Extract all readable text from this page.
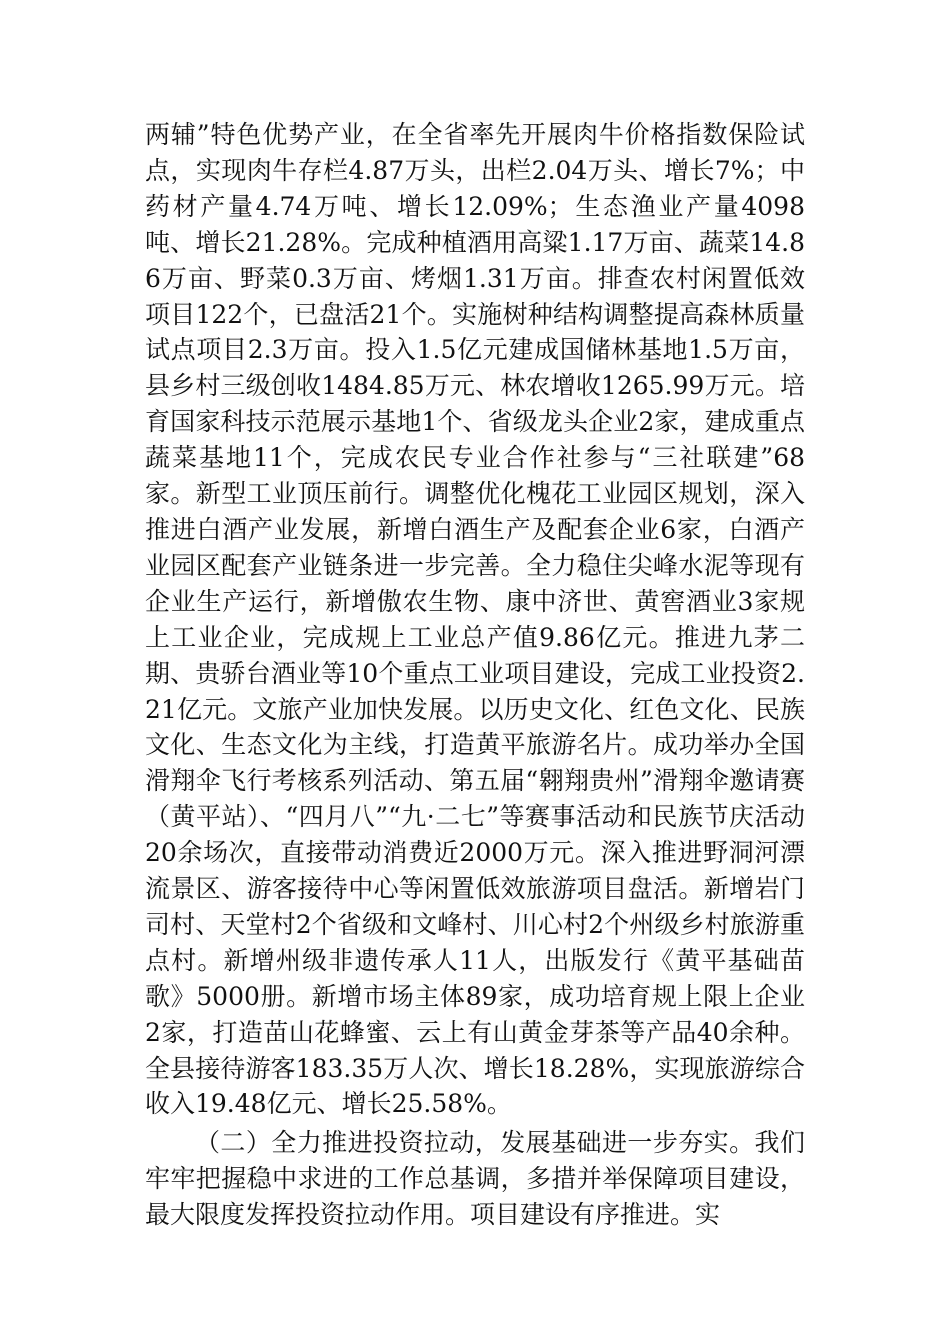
两辅”特色优势产业，在全省率先开展肉牛价格指数保险试点，实现肉牛存栏4.87万头，出栏2.04万头、增长7%；中药材产量4.74万吨、增长12.09%；生态渔业产量4098吨、增长21.28%。完成种植酒用高粱1.17万亩、蔬菜14.86万亩、野菜0.3万亩、烤烟1.31万亩。排查农村闲置低效项目122个，已盘活21个。实施树种结构调整提高森林质量试点项目2.3万亩。投入1.5亿元建成国储林基地1.5万亩，县乡村三级创收1484.85万元、林农增收1265.99万元。培育国家科技示范展示基地1个、省级龙头企业2家，建成重点蔬菜基地11个，完成农民专业合作社参与“三社联建”68家。新型工业顶压前行。调整优化槐花工业园区规划，深入推进白酒产业发展，新增白酒生产及配套企业6家，白酒产业园区配套产业链条进一步完善。全力稳住尖峰水泥等现有企业生产运行，新增傲农生物、康中济世、黄窖酒业3家规上工业企业，完成规上工业总产值9.86亿元。推进九茅二期、贵骄台酒业等10个重点工业项目建设，完成工业投资2.21亿元。文旅产业加快发展。以历史文化、红色文化、民族文化、生态文化为主线，打造黄平旅游名片。成功举办全国滑翔伞飞行考核系列活动、第五届“翱翔贵州”滑翔伞邀请赛（黄平站）、“四月八”“九·二七”等赛事活动和民族节庆活动20余场次，直接带动消费近2000万元。深入推进野洞河漂流景区、游客接待中心等闲置低效旅游项目盘活。新增岩门司村、天堂村2个省级和文峰村、川心村2个州级乡村旅游重点村。新增州级非遗传承人11人，出版发行《黄平基础苗歌》5000册。新增市场主体89家，成功培育规上限上企业2家，打造苗山花蜂蜜、云上有山黄金芽茶等产品40余种。全县接待游客183.35万人次、增长18.28%，实现旅游综合收入19.48亿元、增长25.58%。

（二）全力推进投资拉动，发展基础进一步夯实。我们牢牢把握稳中求进的工作总基调，多措并举保障项目建设，最大限度发挥投资拉动作用。项目建设有序推进。实
